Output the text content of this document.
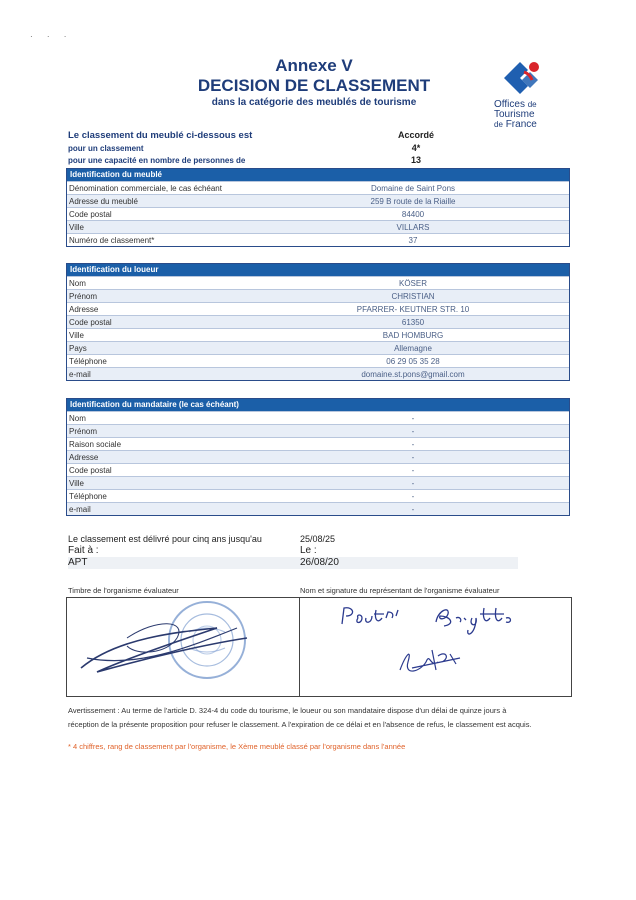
· · ·
Annexe V
DECISION DE CLASSEMENT
dans la catégorie des meublés de tourisme	Offices de
Tourisme
de France
Le classement du meublé ci-dessous est	Accordé
pour un classement	4*
pour une capacité en nombre de personnes de	13
Identification du meublé
Dénomination commerciale, le cas échéant	Domaine de Saint Pons
Adresse du meublé	259 B route de la Riaille
Code postal	84400
Ville	VILLARS
Numéro de classement*	37
Identification du loueur
Nom	KÖSER
Prénom	CHRISTIAN
Adresse	PFARRER- KEUTNER STR. 10
Code postal	61350
Ville	BAD HOMBURG
Pays	Allemagne
Téléphone	06 29 05 35 28
e-mail	domaine.st.pons@gmail.com
Identification du mandataire (le cas échéant)
Nom	-
Prénom	-
Raison sociale	-
Adresse	-
Code postal	-
Ville	-
Téléphone	-
e-mail	-
Le classement est délivré pour cinq ans jusqu'au	25/08/25
Fait à :	Le :
APT	26/08/20
Timbre de l'organisme évaluateur	Nom et signature du représentant de l'organisme évaluateur
Avertissement : Au terme de l'article D. 324-4 du code du tourisme, le loueur ou son mandataire dispose d'un délai de quinze jours à réception de la présente proposition pour refuser le classement. A l'expiration de ce délai et en l'absence de refus, le classement est acquis.
* 4 chiffres, rang de classement par l'organisme, le Xème meublé classé par l'organisme dans l'année
